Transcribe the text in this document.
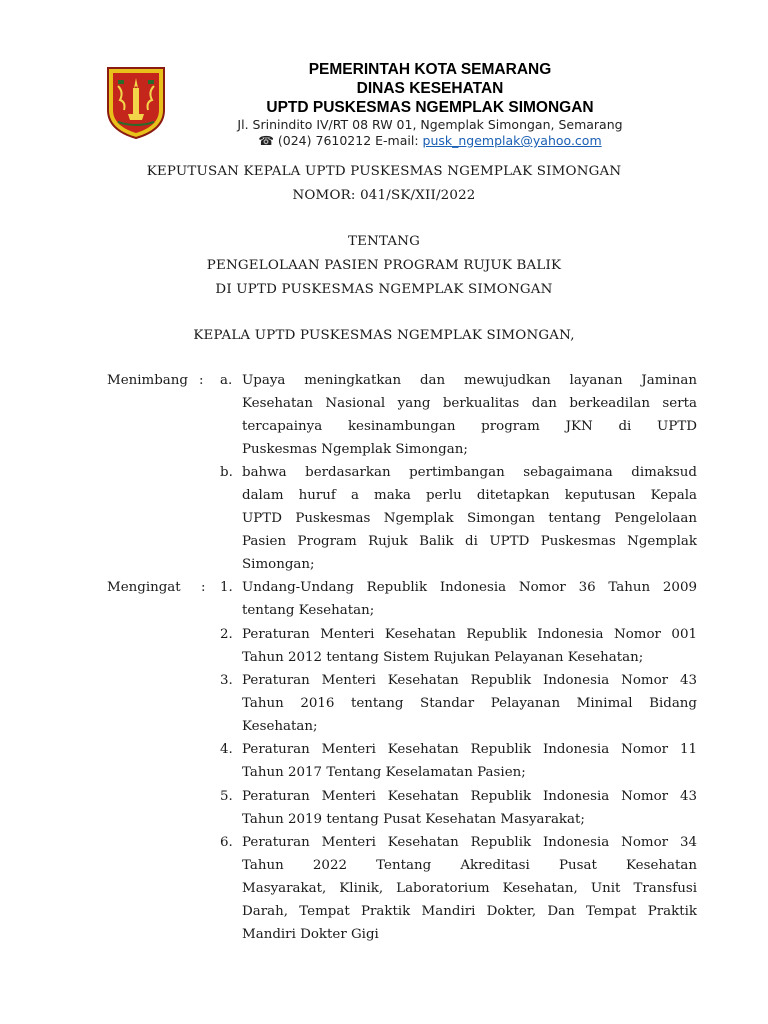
PEMERINTAH KOTA SEMARANG
DINAS KESEHATAN
UPTD PUSKESMAS NGEMPLAK SIMONGAN
Jl. Srinindito IV/RT 08 RW 01, Ngemplak Simongan, Semarang
☎ (024) 7610212 E-mail: pusk_ngemplak@yahoo.com
KEPUTUSAN KEPALA UPTD PUSKESMAS NGEMPLAK SIMONGAN
NOMOR: 041/SK/XII/2022
TENTANG
PENGELOLAAN PASIEN PROGRAM RUJUK BALIK
DI UPTD PUSKESMAS NGEMPLAK SIMONGAN
KEPALA UPTD PUSKESMAS NGEMPLAK SIMONGAN,
Menimbang : a. Upaya meningkatkan dan mewujudkan layanan Jaminan
Kesehatan Nasional yang berkualitas dan berkeadilan serta
tercapainya kesinambungan program JKN di UPTD
Puskesmas Ngemplak Simongan;
b. bahwa berdasarkan pertimbangan sebagaimana dimaksud
dalam huruf a maka perlu ditetapkan keputusan Kepala
UPTD Puskesmas Ngemplak Simongan tentang Pengelolaan
Pasien Program Rujuk Balik di UPTD Puskesmas Ngemplak
Simongan;
Mengingat : 1. Undang-Undang Republik Indonesia Nomor 36 Tahun 2009
tentang Kesehatan;
2. Peraturan Menteri Kesehatan Republik Indonesia Nomor 001
Tahun 2012 tentang Sistem Rujukan Pelayanan Kesehatan;
3. Peraturan Menteri Kesehatan Republik Indonesia Nomor 43
Tahun 2016 tentang Standar Pelayanan Minimal Bidang
Kesehatan;
4. Peraturan Menteri Kesehatan Republik Indonesia Nomor 11
Tahun 2017 Tentang Keselamatan Pasien;
5. Peraturan Menteri Kesehatan Republik Indonesia Nomor 43
Tahun 2019 tentang Pusat Kesehatan Masyarakat;
6. Peraturan Menteri Kesehatan Republik Indonesia Nomor 34
Tahun 2022 Tentang Akreditasi Pusat Kesehatan
Masyarakat, Klinik, Laboratorium Kesehatan, Unit Transfusi
Darah, Tempat Praktik Mandiri Dokter, Dan Tempat Praktik
Mandiri Dokter Gigi
